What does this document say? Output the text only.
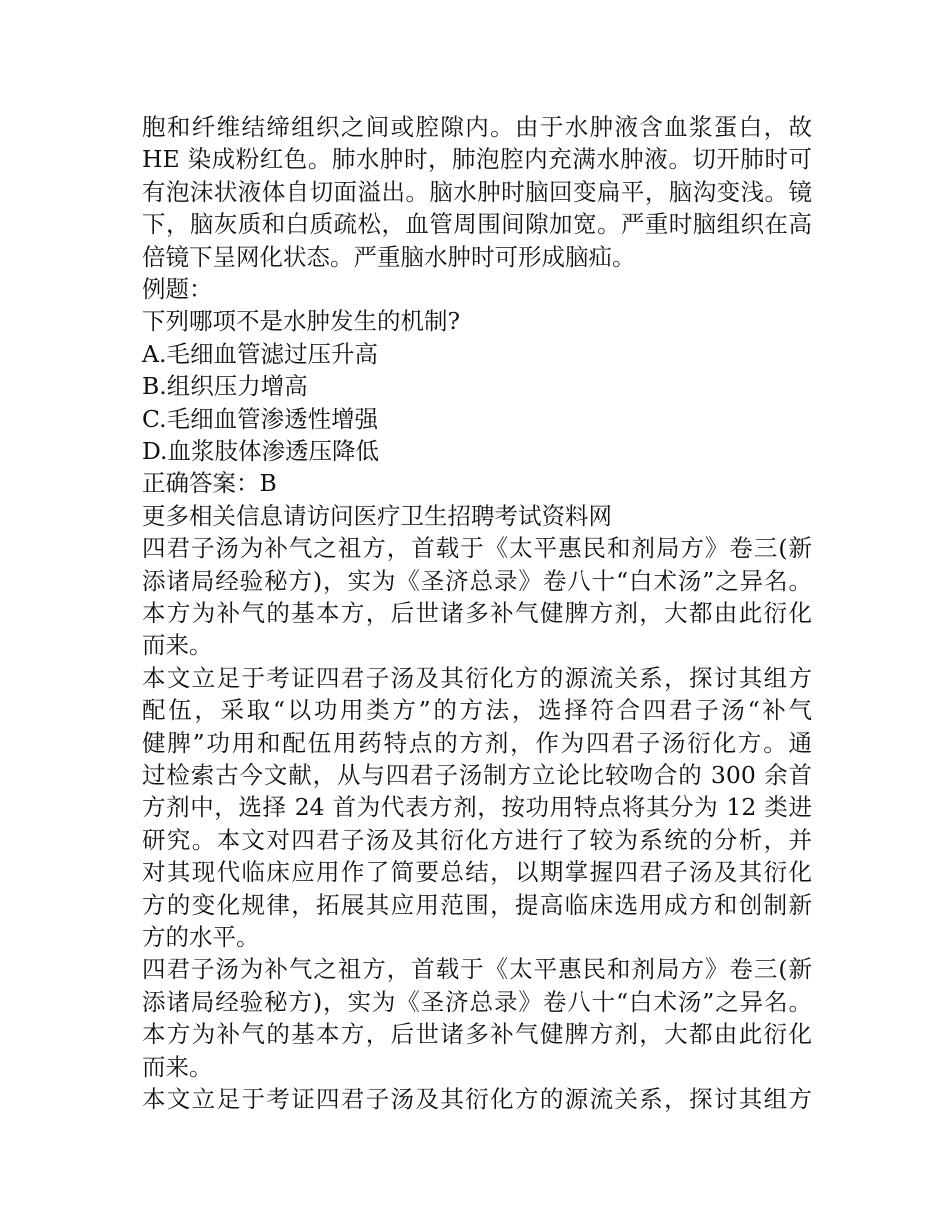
胞和纤维结缔组织之间或腔隙内。由于水肿液含血浆蛋白，故
HE 染成粉红色。肺水肿时，肺泡腔内充满水肿液。切开肺时可
有泡沫状液体自切面溢出。脑水肿时脑回变扁平，脑沟变浅。镜
下，脑灰质和白质疏松，血管周围间隙加宽。严重时脑组织在高
倍镜下呈网化状态。严重脑水肿时可形成脑疝。
例题：
下列哪项不是水肿发生的机制?
A.毛细血管滤过压升高
B.组织压力增高
C.毛细血管渗透性增强
D.血浆肢体渗透压降低
正确答案：B
更多相关信息请访问医疗卫生招聘考试资料网
四君子汤为补气之祖方，首载于《太平惠民和剂局方》卷三(新
添诸局经验秘方)，实为《圣济总录》卷八十“白术汤”之异名。
本方为补气的基本方，后世诸多补气健脾方剂，大都由此衍化
而来。
本文立足于考证四君子汤及其衍化方的源流关系，探讨其组方
配伍，采取“以功用类方”的方法，选择符合四君子汤“补气
健脾”功用和配伍用药特点的方剂，作为四君子汤衍化方。通
过检索古今文献，从与四君子汤制方立论比较吻合的 300 余首
方剂中，选择 24 首为代表方剂，按功用特点将其分为 12 类进
研究。本文对四君子汤及其衍化方进行了较为系统的分析，并
对其现代临床应用作了简要总结，以期掌握四君子汤及其衍化
方的变化规律，拓展其应用范围，提高临床选用成方和创制新
方的水平。
四君子汤为补气之祖方，首载于《太平惠民和剂局方》卷三(新
添诸局经验秘方)，实为《圣济总录》卷八十“白术汤”之异名。
本方为补气的基本方，后世诸多补气健脾方剂，大都由此衍化
而来。
本文立足于考证四君子汤及其衍化方的源流关系，探讨其组方
